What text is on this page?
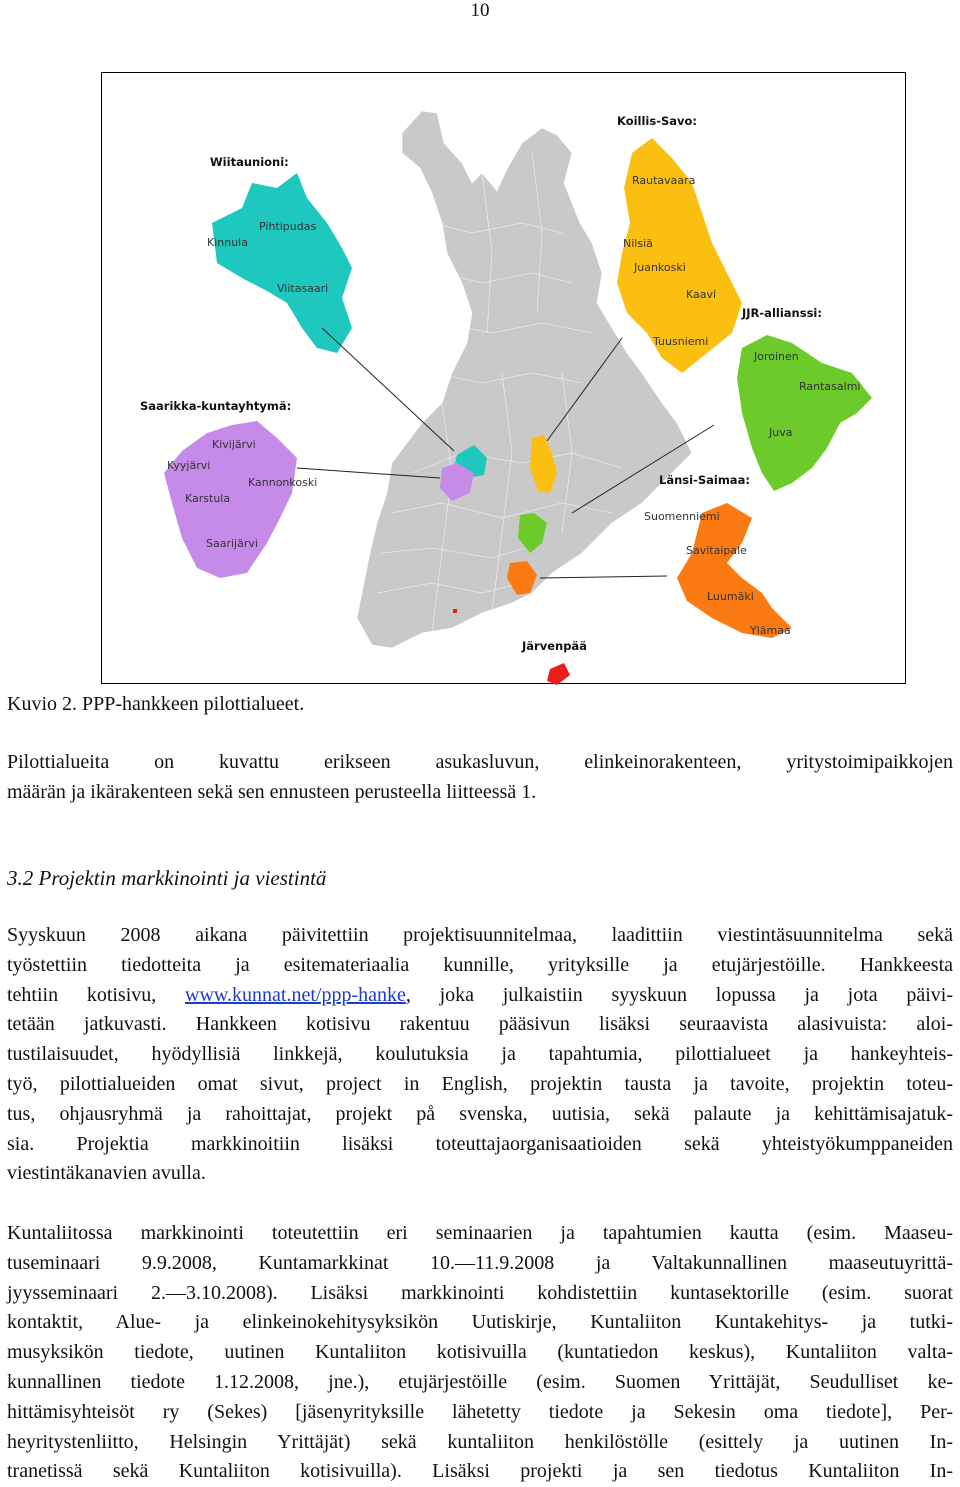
10
Koillis-Savo:
Wiitaunioni:
JJR-allianssi:
Saarikka-kuntayhtymä:
Länsi-Saimaa:
Järvenpää
Rautavaara
Nilsiä
Juankoski
Kaavi
Tuusniemi
Kinnula
Pihtipudas
Viitasaari
Joroinen
Rantasalmi
Juva
Kivijärvi
Kyyjärvi
Kannonkoski
Karstula
Saarijärvi
Suomenniemi
Savitaipale
Luumäki
Ylämaa
Kuvio 2. PPP-hankkeen pilottialueet.

Pilottialueita on kuvattu erikseen asukasluvun, elinkeinorakenteen, yritystoimipaikkojen
määrän ja ikärakenteen sekä sen ennusteen perusteella liitteessä 1.

3.2 Projektin markkinointi ja viestintä

Syyskuun 2008 aikana päivitettiin projektisuunnitelmaa, laadittiin viestintäsuunnitelma sekä
työstettiin tiedotteita ja esitemateriaalia kunnille, yrityksille ja etujärjestöille. Hankkeesta
tehtiin kotisivu, www.kunnat.net/ppp-hanke, joka julkaistiin syyskuun lopussa ja jota päivi-
tetään jatkuvasti. Hankkeen kotisivu rakentuu pääsivun lisäksi seuraavista alasivuista: aloi-
tustilaisuudet, hyödyllisiä linkkejä, koulutuksia ja tapahtumia, pilottialueet ja hankeyhteis-
työ, pilottialueiden omat sivut, project in English, projektin tausta ja tavoite, projektin toteu-
tus, ohjausryhmä ja rahoittajat, projekt på svenska, uutisia, sekä palaute ja kehittämisajatuk-
sia. Projektia markkinoitiin lisäksi toteuttajaorganisaatioiden sekä yhteistyökumppaneiden
viestintäkanavien avulla.

Kuntaliitossa markkinointi toteutettiin eri seminaarien ja tapahtumien kautta (esim. Maaseu-
tuseminaari 9.9.2008, Kuntamarkkinat 10.—11.9.2008 ja Valtakunnallinen maaseutuyrittä-
jyysseminaari 2.—3.10.2008). Lisäksi markkinointi kohdistettiin kuntasektorille (esim. suorat
kontaktit, Alue- ja elinkeinokehitysyksikön Uutiskirje, Kuntaliiton Kuntakehitys- ja tutki-
musyksikön tiedote, uutinen Kuntaliiton kotisivuilla (kuntatiedon keskus), Kuntaliiton valta-
kunnallinen tiedote 1.12.2008, jne.), etujärjestöille (esim. Suomen Yrittäjät, Seudulliset ke-
hittämisyhteisöt ry (Sekes) [jäsenyrityksille lähetetty tiedote ja Sekesin oma tiedote], Per-
heyritystenliitto, Helsingin Yrittäjät) sekä kuntaliiton henkilöstölle (esittely ja uutinen In-
tranetissä sekä Kuntaliiton kotisivuilla). Lisäksi projekti ja sen tiedotus Kuntaliiton In-
